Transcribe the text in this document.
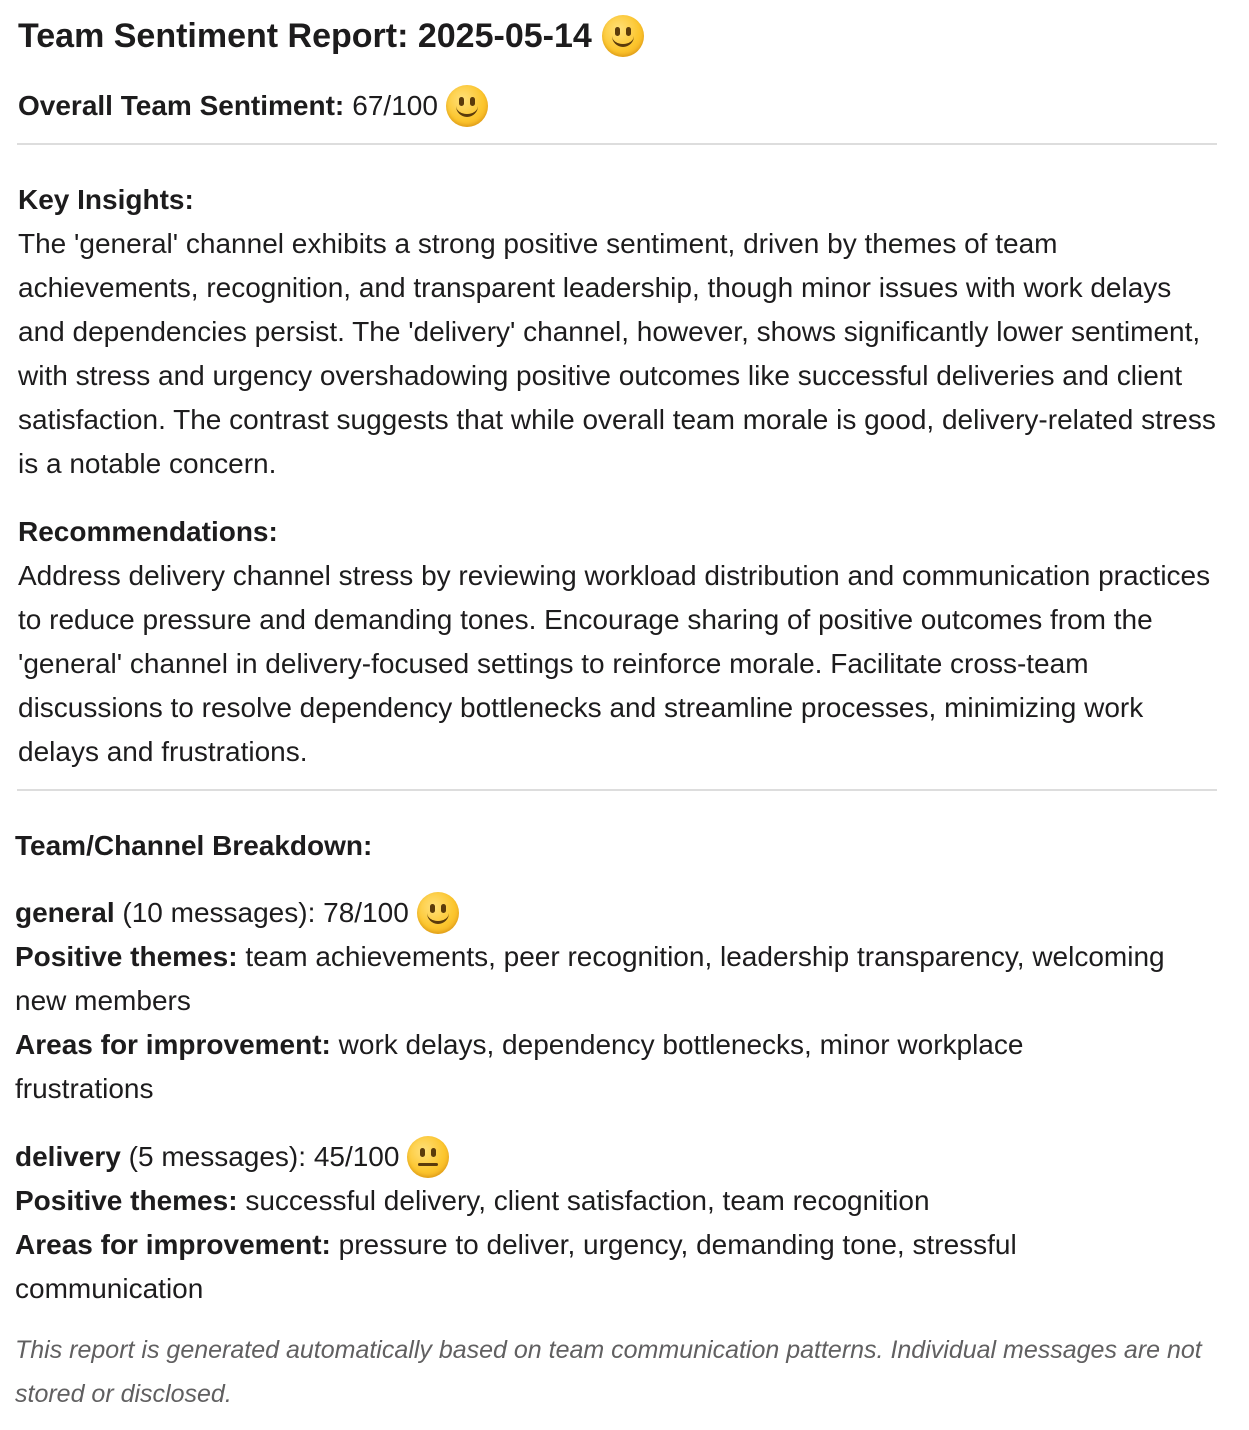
Team Sentiment Report: 2025-05-14
Overall Team Sentiment: 67/100
Key Insights:
The 'general' channel exhibits a strong positive sentiment, driven by themes of team achievements, recognition, and transparent leadership, though minor issues with work delays and dependencies persist. The 'delivery' channel, however, shows significantly lower sentiment, with stress and urgency overshadowing positive outcomes like successful deliveries and client satisfaction. The contrast suggests that while overall team morale is good, delivery-related stress is a notable concern.
Recommendations:
Address delivery channel stress by reviewing workload distribution and communication practices to reduce pressure and demanding tones. Encourage sharing of positive outcomes from the 'general' channel in delivery-focused settings to reinforce morale. Facilitate cross-team discussions to resolve dependency bottlenecks and streamline processes, minimizing work delays and frustrations.
Team/Channel Breakdown:
general (10 messages): 78/100
Positive themes: team achievements, peer recognition, leadership transparency, welcoming new members
Areas for improvement: work delays, dependency bottlenecks, minor workplace frustrations
delivery (5 messages): 45/100
Positive themes: successful delivery, client satisfaction, team recognition
Areas for improvement: pressure to deliver, urgency, demanding tone, stressful communication
This report is generated automatically based on team communication patterns. Individual messages are not stored or disclosed.
